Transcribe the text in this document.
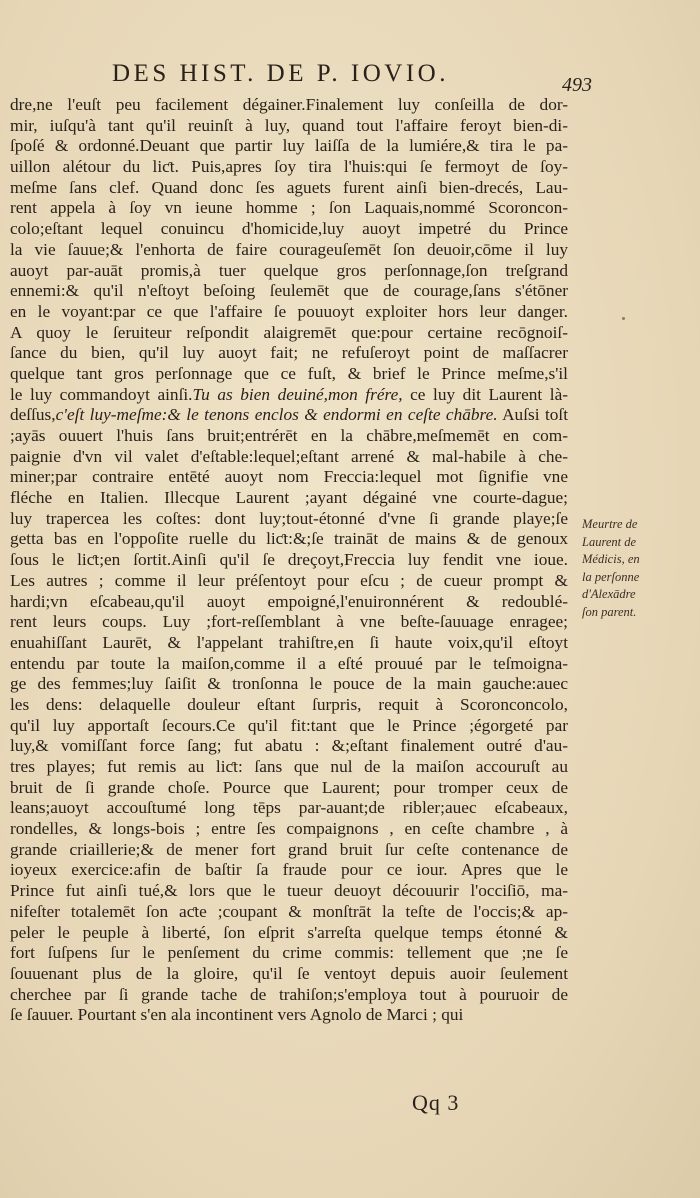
DES HIST. DE P. IOVIO.	493
dre,ne l'euſt peu facilement dégainer.Finalement luy conſeilla de dor-
mir, iuſqu'à tant qu'il reuinſt à luy, quand tout l'affaire feroyt bien-di-
ſpoſé & ordonné.Deuant que partir luy laiſſa de la lumiére,& tira le pa-
uillon alétour du liƈt. Puis,apres ſoy tira l'huis:qui ſe fermoyt de ſoy-
meſme ſans clef. Quand donc ſes aguets furent ainſi bien-drecés, Lau-
rent appela à ſoy vn ieune homme ; ſon Laquais,nommé Scoroncon-
colo;eſtant lequel conuincu d'homicide,luy auoyt impetré du Prince
la vie ſauue;& l'enhorta de faire courageuſemēt ſon deuoir,cōme il luy
auoyt par-auāt promis,à tuer quelque gros perſonnage,ſon treſgrand
ennemi:& qu'il n'eſtoyt beſoing ſeulemēt que de courage,ſans s'étōner
en le voyant:par ce que l'affaire ſe pouuoyt exploiter hors leur danger.
A quoy le ſeruiteur reſpondit alaigremēt que:pour certaine recōgnoiſ-
ſance du bien, qu'il luy auoyt fait; ne refuſeroyt point de maſſacrer
quelque tant gros perſonnage que ce fuſt, & brief le Prince meſme,s'il
le luy commandoyt ainſi.Tu as bien deuiné,mon frére, ce luy dit Laurent là-
deſſus,c'eſt luy-meſme:& le tenons enclos & endormi en ceſte chābre. Auſsi toſt
;ayās ouuert l'huis ſans bruit;entrérēt en la chābre,meſmemēt en com-
paignie d'vn vil valet d'eſtable:lequel;eſtant arrené & mal-habile à che-
miner;par contraire entēté auoyt nom Freccia:lequel mot ſignifie vne
fléche en Italien. Illecque Laurent ;ayant dégainé vne courte-dague;
luy trapercea les coſtes: dont luy;tout-étonné d'vne ſi grande playe;ſe
getta bas en l'oppoſite ruelle du liƈt:&;ſe traināt de mains & de genoux
ſous le liƈt;en ſortit.Ainſi qu'il ſe dreçoyt,Freccia luy fendit vne ioue.
Les autres ; comme il leur préſentoyt pour eſcu ; de cueur prompt &
hardi;vn eſcabeau,qu'il auoyt empoigné,l'enuironnérent & redoublé-
rent leurs coups. Luy ;fort-reſſemblant à vne beſte-ſauuage enragee;
enuahiſſant Laurēt, & l'appelant trahiſtre,en ſi haute voix,qu'il eſtoyt
entendu par toute la maiſon,comme il a eſté prouué par le teſmoigna-
ge des femmes;luy ſaiſit & tronſonna le pouce de la main gauche:auec
les dens: delaquelle douleur eſtant ſurpris, requit à Scoronconcolo,
qu'il luy apportaſt ſecours.Ce qu'il fit:tant que le Prince ;égorgeté par
luy,& vomiſſant force ſang; fut abatu : &;eſtant finalement outré d'au-
tres playes; fut remis au liƈt: ſans que nul de la maiſon accouruſt au
bruit de ſi grande choſe. Pource que Laurent; pour tromper ceux de
leans;auoyt accouſtumé long tēps par-auant;de ribler;auec eſcabeaux,
rondelles, & longs-bois ; entre ſes compaignons , en ceſte chambre , à
grande criaillerie;& de mener fort grand bruit ſur ceſte contenance de
ioyeux exercice:afin de baſtir ſa fraude pour ce iour. Apres que le
Prince fut ainſi tué,& lors que le tueur deuoyt découurir l'occiſiō, ma-
nifeſter totalemēt ſon aƈte ;coupant & monſtrāt la teſte de l'occis;& ap-
peler le peuple à liberté, ſon eſprit s'arreſta quelque temps étonné &
fort ſuſpens ſur le penſement du crime commis: tellement que ;ne ſe
ſouuenant plus de la gloire, qu'il ſe ventoyt depuis auoir ſeulement
cherchee par ſi grande tache de trahiſon;s'employa tout à pouruoir de
ſe ſauuer. Pourtant s'en ala incontinent vers Agnolo de Marci ; qui
Meurtre de
Laurent de
Médicis, en
la perſonne
d'Alexādre
ſon parent.
Qq 3
